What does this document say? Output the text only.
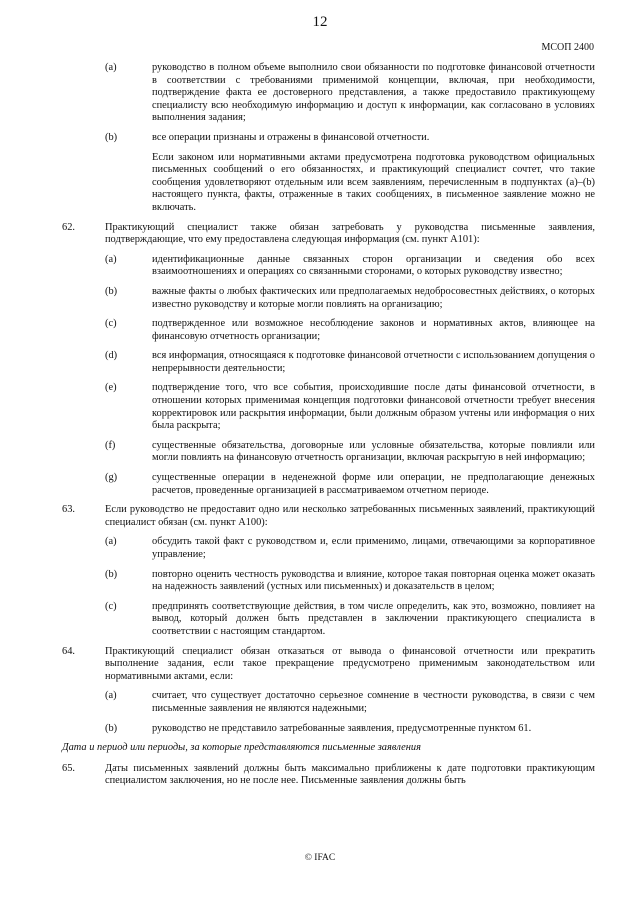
12
МСОП 2400
(a)	руководство в полном объеме выполнило свои обязанности по подготовке финансовой отчетности в соответствии с требованиями применимой концепции, включая, при необходимости, подтверждение факта ее достоверного представления, а также предоставило практикующему специалисту всю необходимую информацию и доступ к информации, как согласовано в условиях выполнения задания;
(b)	все операции признаны и отражены в финансовой отчетности.

Если законом или нормативными актами предусмотрена подготовка руководством официальных письменных сообщений о его обязанностях, и практикующий специалист сочтет, что такие сообщения удовлетворяют отдельным или всем заявлениям, перечисленным в подпунктах (a)–(b) настоящего пункта, факты, отраженные в таких сообщениях, в письменное заявление можно не включать.

62.	Практикующий специалист также обязан затребовать у руководства письменные заявления, подтверждающие, что ему предоставлена следующая информация (см. пункт A101):

(a)	идентификационные данные связанных сторон организации и сведения обо всех взаимоотношениях и операциях со связанными сторонами, о которых руководству известно;
(b)	важные факты о любых фактических или предполагаемых недобросовестных действиях, о которых известно руководству и которые могли повлиять на организацию;
(c)	подтвержденное или возможное несоблюдение законов и нормативных актов, влияющее на финансовую отчетность организации;
(d)	вся информация, относящаяся к подготовке финансовой отчетности с использованием допущения о непрерывности деятельности;
(e)	подтверждение того, что все события, происходившие после даты финансовой отчетности, в отношении которых применимая концепция подготовки финансовой отчетности требует внесения корректировок или раскрытия информации, были должным образом учтены или информация о них была раскрыта;
(f)	существенные обязательства, договорные или условные обязательства, которые повлияли или могли повлиять на финансовую отчетность организации, включая раскрытую в ней информацию;
(g)	существенные операции в неденежной форме или операции, не предполагающие денежных расчетов, проведенные организацией в рассматриваемом отчетном периоде.

63.	Если руководство не предоставит одно или несколько затребованных письменных заявлений, практикующий специалист обязан (см. пункт A100):

(a)	обсудить такой факт с руководством и, если применимо, лицами, отвечающими за корпоративное управление;
(b)	повторно оценить честность руководства и влияние, которое такая повторная оценка может оказать на надежность заявлений (устных или письменных) и доказательств в целом;
(c)	предпринять соответствующие действия, в том числе определить, как это, возможно, повлияет на вывод, который должен быть представлен в заключении практикующего специалиста в соответствии с настоящим стандартом.

64.	Практикующий специалист обязан отказаться от вывода о финансовой отчетности или прекратить выполнение задания, если такое прекращение предусмотрено применимым законодательством или нормативными актами, если:

(a)	считает, что существует достаточно серьезное сомнение в честности руководства, в связи с чем письменные заявления не являются надежными;
(b)	руководство не представило затребованные заявления, предусмотренные пунктом 61.

Дата и период или периоды, за которые представляются письменные заявления

65.	Даты письменных заявлений должны быть максимально приближены к дате подготовки практикующим специалистом заключения, но не после нее. Письменные заявления должны быть

© IFAC
